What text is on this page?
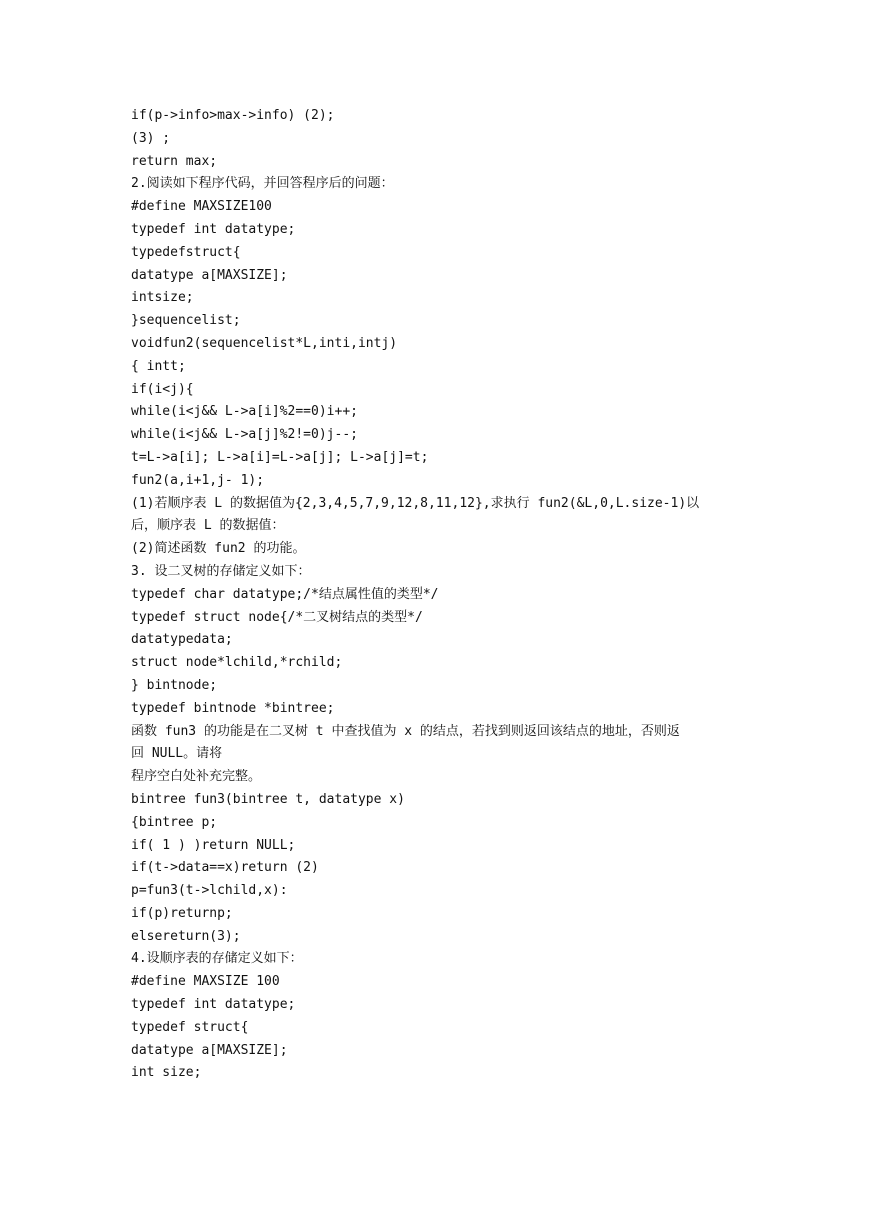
if(p->info>max->info) (2);
(3) ;
return max;
2.阅读如下程序代码，并回答程序后的问题：
#define MAXSIZE100
typedef int datatype;
typedefstruct{
datatype a[MAXSIZE];
intsize;
}sequencelist;
voidfun2(sequencelist*L,inti,intj)
{ intt;
if(i<j){
while(i<j&& L->a[i]%2==0)i++;
while(i<j&& L->a[j]%2!=0)j--;
t=L->a[i]; L->a[i]=L->a[j]; L->a[j]=t;
fun2(a,i+1,j- 1);
(1)若顺序表 L 的数据值为{2,3,4,5,7,9,12,8,11,12},求执行 fun2(&L,0,L.size-1)以
后，顺序表 L 的数据值：
(2)简述函数 fun2 的功能。
3. 设二叉树的存储定义如下：
typedef char datatype;/*结点属性值的类型*/
typedef struct node{/*二叉树结点的类型*/
datatypedata;
struct node*lchild,*rchild;
} bintnode;
typedef bintnode *bintree;
函数 fun3 的功能是在二叉树 t 中查找值为 x 的结点，若找到则返回该结点的地址，否则返
回 NULL。请将
程序空白处补充完整。
bintree fun3(bintree t, datatype x)
{bintree p;
if( 1 ) )return NULL;
if(t->data==x)return (2)
p=fun3(t->lchild,x):
if(p)returnp;
elsereturn(3);
4.设顺序表的存储定义如下：
#define MAXSIZE 100
typedef int datatype;
typedef struct{
datatype a[MAXSIZE];
int size;
